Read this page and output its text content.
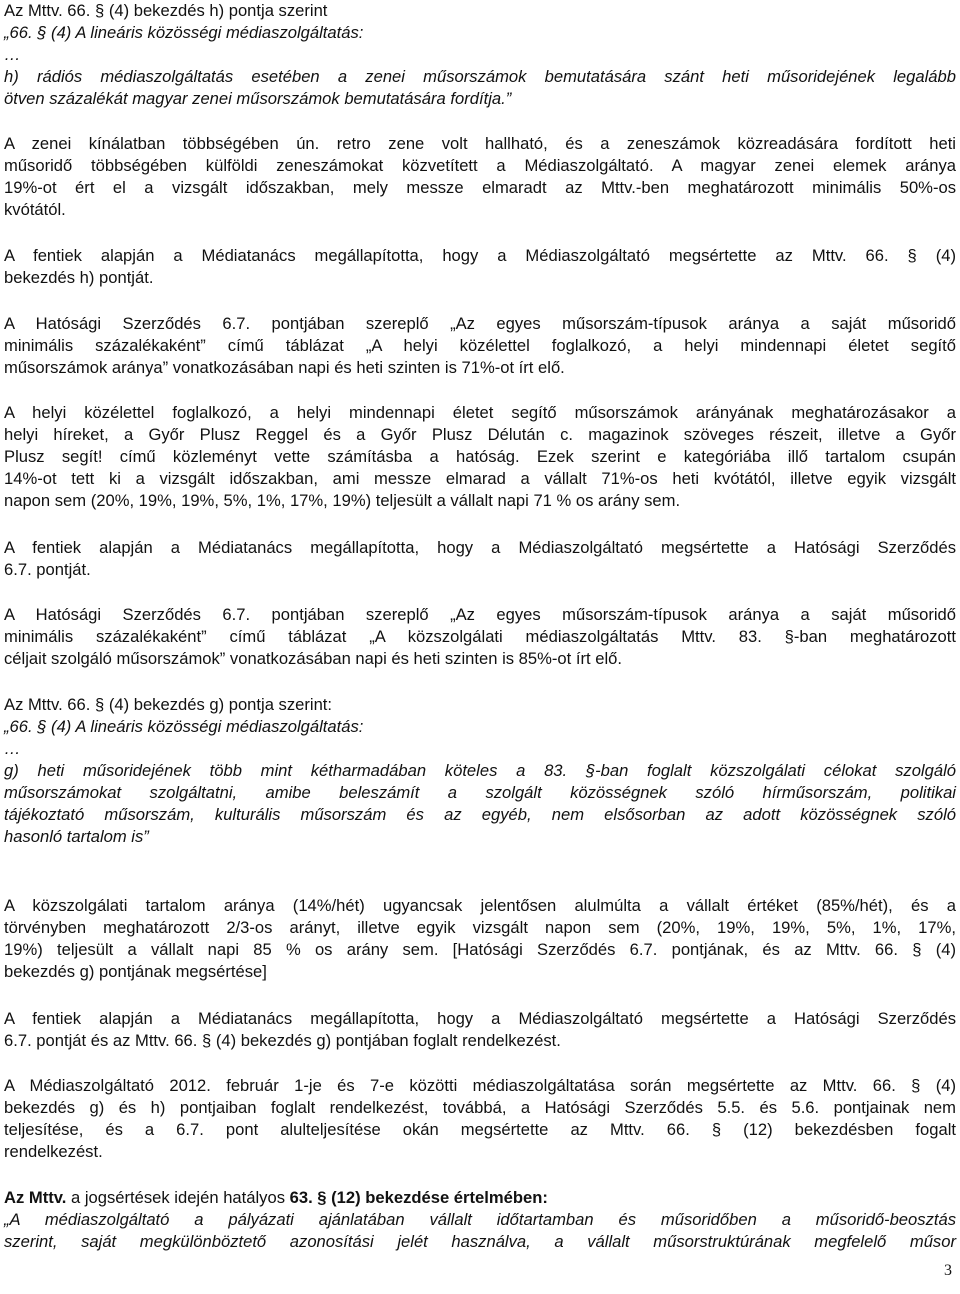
Az Mttv. 66. § (4) bekezdés h) pontja szerint

„66. § (4) A lineáris közösségi médiaszolgáltatás:

…

h) rádiós médiaszolgáltatás esetében a zenei műsorszámok bemutatására szánt heti műsoridejének legalább

ötven százalékát magyar zenei műsorszámok bemutatására fordítja.”

A zenei kínálatban többségében ún. retro zene volt hallható, és a zeneszámok közreadására fordított heti

műsoridő többségében külföldi zeneszámokat közvetített a Médiaszolgáltató. A magyar zenei elemek aránya

19%-ot ért el a vizsgált időszakban, mely messze elmaradt az Mttv.-ben meghatározott minimális 50%-os

kvótától.

A fentiek alapján a Médiatanács megállapította, hogy a Médiaszolgáltató megsértette az Mttv. 66. § (4)

bekezdés h) pontját.

A Hatósági Szerződés 6.7. pontjában szereplő „Az egyes műsorszám-típusok aránya a saját műsoridő

minimális százalékaként” című táblázat „A helyi közélettel foglalkozó, a helyi mindennapi életet segítő

műsorszámok aránya” vonatkozásában napi és heti szinten is 71%-ot írt elő.

A helyi közélettel foglalkozó, a helyi mindennapi életet segítő műsorszámok arányának meghatározásakor a

helyi híreket, a Győr Plusz Reggel és a Győr Plusz Délután c. magazinok szöveges részeit, illetve a Győr

Plusz segít! című közleményt vette számításba a hatóság. Ezek szerint e kategóriába illő tartalom csupán

14%-ot tett ki a vizsgált időszakban, ami messze elmarad a vállalt 71%-os heti kvótától, illetve egyik vizsgált

napon sem (20%, 19%, 19%, 5%, 1%, 17%, 19%) teljesült a vállalt napi 71 % os arány sem.

A fentiek alapján a Médiatanács megállapította, hogy a Médiaszolgáltató megsértette a Hatósági Szerződés

6.7. pontját.

A Hatósági Szerződés 6.7. pontjában szereplő „Az egyes műsorszám-típusok aránya a saját műsoridő

minimális százalékaként” című táblázat „A közszolgálati médiaszolgáltatás Mttv. 83. §-ban meghatározott

céljait szolgáló műsorszámok” vonatkozásában napi és heti szinten is 85%-ot írt elő.

Az Mttv. 66. § (4) bekezdés g) pontja szerint:

„66. § (4) A lineáris közösségi médiaszolgáltatás:

…

g) heti műsoridejének több mint kétharmadában köteles a 83. §-ban foglalt közszolgálati célokat szolgáló

műsorszámokat szolgáltatni, amibe beleszámít a szolgált közösségnek szóló hírműsorszám, politikai

tájékoztató műsorszám, kulturális műsorszám és az egyéb, nem elsősorban az adott közösségnek szóló

hasonló tartalom is”

A közszolgálati tartalom aránya (14%/hét) ugyancsak jelentősen alulmúlta a vállalt értéket (85%/hét), és a

törvényben meghatározott 2/3-os arányt, illetve egyik vizsgált napon sem (20%, 19%, 19%, 5%, 1%, 17%,

19%) teljesült a vállalt napi 85 % os arány sem. [Hatósági Szerződés 6.7. pontjának, és az Mttv. 66. § (4)

bekezdés g) pontjának megsértése]

A fentiek alapján a Médiatanács megállapította, hogy a Médiaszolgáltató megsértette a Hatósági Szerződés

6.7. pontját és az Mttv. 66. § (4) bekezdés g) pontjában foglalt rendelkezést.

A Médiaszolgáltató 2012. február 1-je és 7-e közötti médiaszolgáltatása során megsértette az Mttv. 66. § (4)

bekezdés g) és h) pontjaiban foglalt rendelkezést, továbbá, a Hatósági Szerződés 5.5. és 5.6. pontjainak nem

teljesítése, és a 6.7. pont alulteljesítése okán megsértette az Mttv. 66. § (12) bekezdésben fogalt

rendelkezést.

Az Mttv. a jogsértések idején hatályos 63. § (12) bekezdése értelmében:

„A médiaszolgáltató a pályázati ajánlatában vállalt időtartamban és műsoridőben a műsoridő-beosztás

szerint, saját megkülönböztető azonosítási jelét használva, a vállalt műsorstruktúrának megfelelő műsor

3
